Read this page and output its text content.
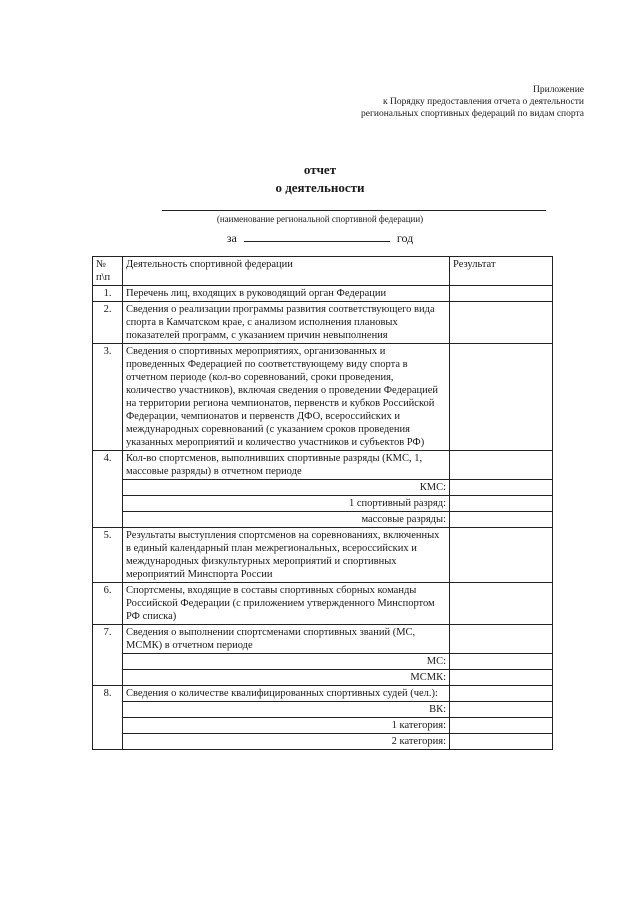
Приложение
к Порядку предоставления отчета о деятельности
региональных спортивных федераций по видам спорта
отчет
о деятельности
(наименование региональной спортивной федерации)
за	год
№ п\п	Деятельность спортивной федерации	Результат
1.	Перечень лиц, входящих в руководящий орган Федерации	
2.	Сведения о реализации программы развития соответствующего вида спорта в Камчатском крае, с анализом исполнения плановых показателей программ, с указанием причин невыполнения	
3.	Сведения о спортивных мероприятиях, организованных и проведенных Федерацией по соответствующему виду спорта в отчетном периоде (кол-во соревнований, сроки проведения, количество участников), включая сведения о проведении Федерацией на территории региона чемпионатов, первенств и кубков Российской Федерации, чемпионатов и первенств ДФО, всероссийских и международных соревнований (с указанием сроков проведения указанных мероприятий и количество участников и субъектов РФ)	
4.	Кол-во спортсменов, выполнивших спортивные разряды (КМС, 1, массовые разряды) в отчетном периоде	
	КМС:	
	1 спортивный разряд:	
	массовые разряды:	
5.	Результаты выступления спортсменов на соревнованиях, включенных в единый календарный план межрегиональных, всероссийских и международных физкультурных мероприятий и спортивных мероприятий Минспорта России	
6.	Спортсмены, входящие в составы спортивных сборных команды Российской Федерации (с приложением утвержденного Минспортом РФ списка)	
7.	Сведения о выполнении спортсменами спортивных званий (МС, МСМК) в отчетном периоде	
	МС:	
	МСМК:	
8.	Сведения о количестве квалифицированных спортивных судей (чел.):	
	ВК:	
	1 категория:	
	2 категория:	
